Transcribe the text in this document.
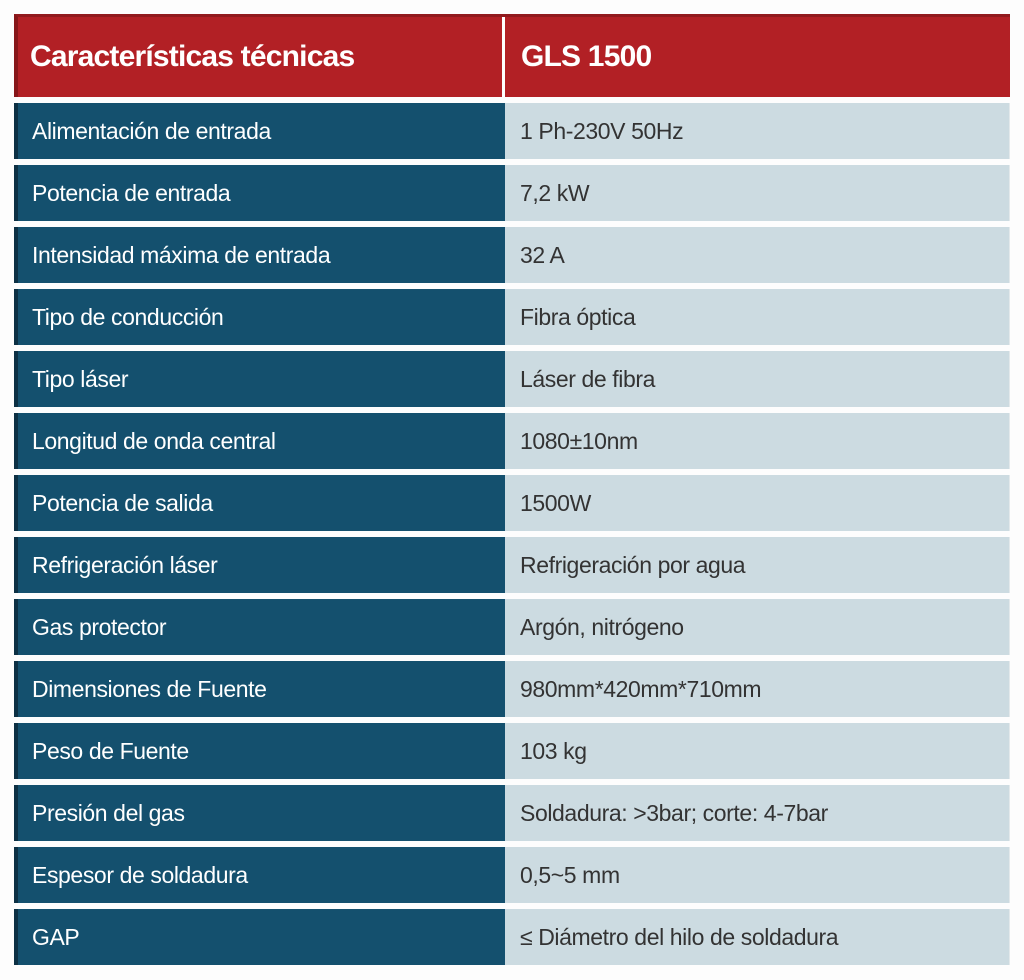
Características técnicas	GLS 1500
Alimentación de entrada	1 Ph-230V 50Hz
Potencia de entrada	7,2 kW
Intensidad máxima de entrada	32 A
Tipo de conducción	Fibra óptica
Tipo láser	Láser de fibra
Longitud de onda central	1080±10nm
Potencia de salida	1500W
Refrigeración láser	Refrigeración por agua
Gas protector	Argón, nitrógeno
Dimensiones de Fuente	980mm*420mm*710mm
Peso de Fuente	103 kg
Presión del gas	Soldadura: >3bar; corte: 4-7bar
Espesor de soldadura	0,5~5 mm
GAP	≤ Diámetro del hilo de soldadura
